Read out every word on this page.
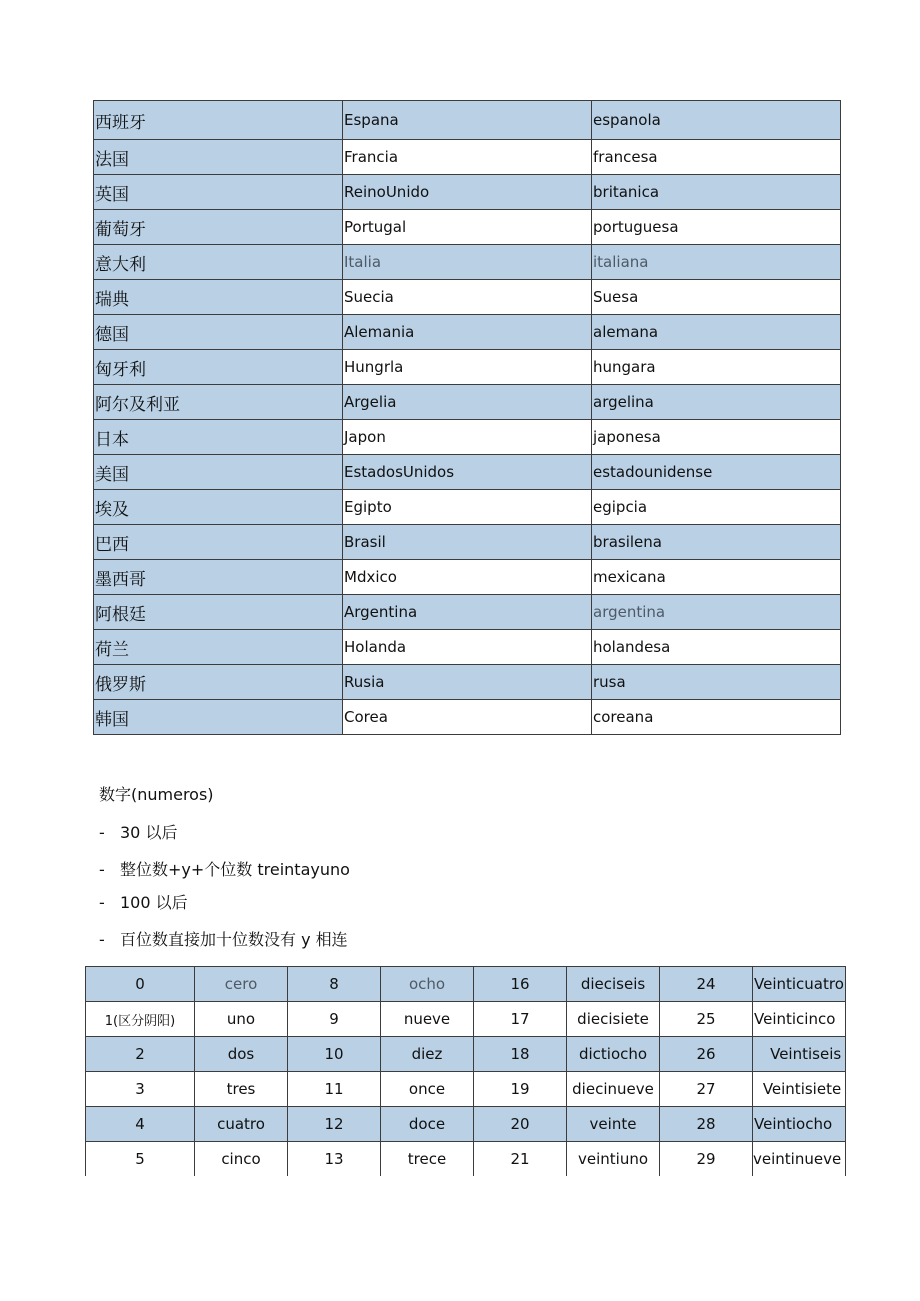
西班牙	Espana	espanola
法国	Francia	francesa
英国	ReinoUnido	britanica
葡萄牙	Portugal	portuguesa
意大利	Italia	italiana
瑞典	Suecia	Suesa
德国	Alemania	alemana
匈牙利	Hungrla	hungara
阿尔及利亚	Argelia	argelina
日本	Japon	japonesa
美国	EstadosUnidos	estadounidense
埃及	Egipto	egipcia
巴西	Brasil	brasilena
墨西哥	Mdxico	mexicana
阿根廷	Argentina	argentina
荷兰	Holanda	holandesa
俄罗斯	Rusia	rusa
韩国	Corea	coreana
数字(numeros)
- 30 以后
- 整位数+y+个位数 treintayuno
- 100 以后
- 百位数直接加十位数没有 y 相连
0	cero	8	ocho	16	dieciseis	24	Veinticuatro
1(区分阴阳)	uno	9	nueve	17	diecisiete	25	Veinticinco
2	dos	10	diez	18	dictiocho	26	Veintiseis
3	tres	11	once	19	diecinueve	27	Veintisiete
4	cuatro	12	doce	20	veinte	28	Veintiocho
5	cinco	13	trece	21	veintiuno	29	veintinueve
